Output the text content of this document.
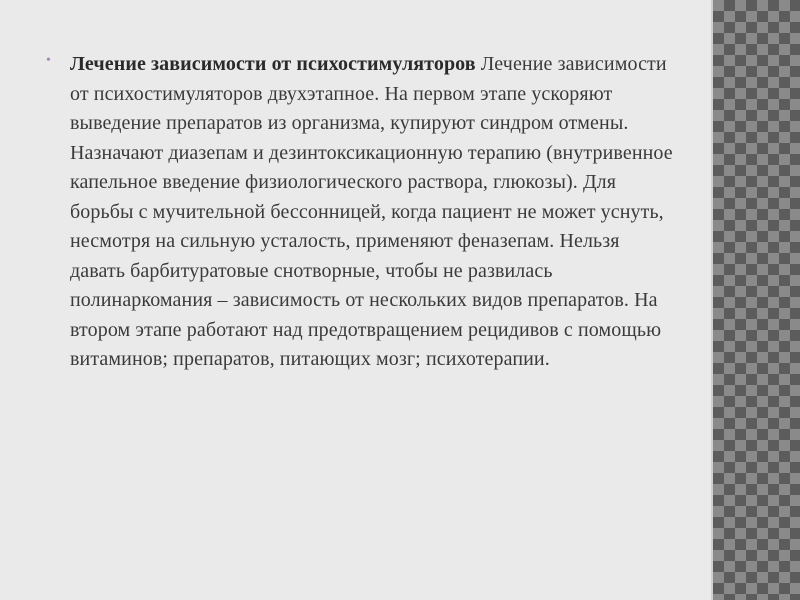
• Лечение зависимости от психостимуляторов Лечение зависимости от психостимуляторов двухэтапное. На первом этапе ускоряют выведение препаратов из организма, купируют синдром отмены. Назначают диазепам и дезинтоксикационную терапию (внутривенное капельное введение физиологического раствора, глюкозы). Для борьбы с мучительной бессонницей, когда пациент не может уснуть, несмотря на сильную усталость, применяют феназепам. Нельзя давать барбитуратовые снотворные, чтобы не развилась полинаркомания – зависимость от нескольких видов препаратов. На втором этапе работают над предотвращением рецидивов с помощью витаминов; препаратов, питающих мозг; психотерапии.
